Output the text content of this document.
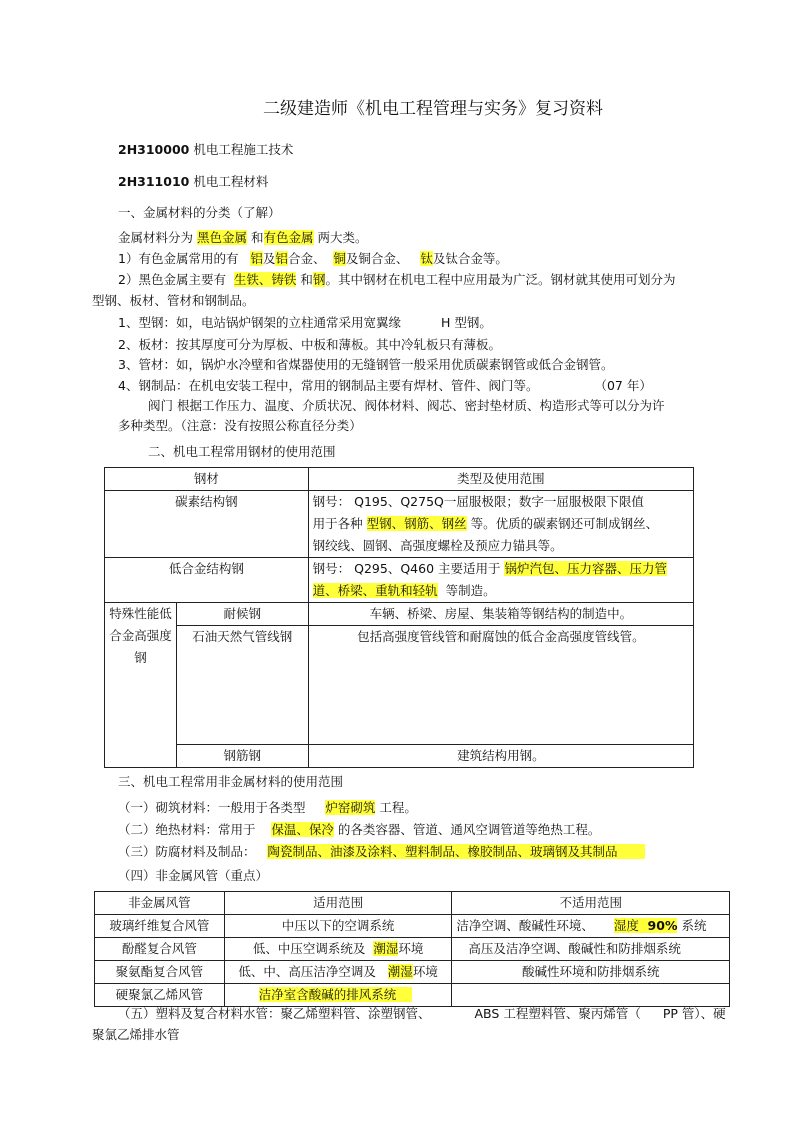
二级建造师《机电工程管理与实务》复习资料
2H310000 机电工程施工技术
2H311010 机电工程材料
一、金属材料的分类（了解）
金属材料分为 黑色金属 和有色金属 两大类。
1）有色金属常用的有 铝及铝合金、 铜及铜合金、 钛及钛合金等。
2）黑色金属主要有 生铁、铸铁 和钢。其中钢材在机电工程中应用最为广泛。钢材就其使用可划分为
型钢、板材、管材和钢制品。
1、型钢：如，电站锅炉钢架的立柱通常采用宽翼缘	H 型钢。
2、板材：按其厚度可分为厚板、中板和薄板。其中冷轧板只有薄板。
3、管材：如，锅炉水冷壁和省煤器使用的无缝钢管一般采用优质碳素钢管或低合金钢管。
4、钢制品：在机电安装工程中，常用的钢制品主要有焊材、管件、阀门等。	（07 年）
阀门 根据工作压力、温度、介质状况、阀体材料、阀芯、密封垫材质、构造形式等可以分为许
多种类型。（注意：没有按照公称直径分类）
二、机电工程常用钢材的使用范围
钢材		类型及使用范围
碳素结构钢		钢号： Q195、Q275Q一屈服极限；数字一屈服极限下限值
用于各种 型钢、钢筋、钢丝 等。优质的碳素钢还可制成钢丝、
钢绞线、圆钢、高强度螺栓及预应力锚具等。

低合金结构钢		钢号： Q295、Q460 主要适用于 锅炉汽包、压力容器、压力管
道、桥梁、重轨和轻轨 等制造。

特殊性能低合金高强度钢	耐候钢	车辆、桥梁、房屋、集装箱等钢结构的制造中。
	石油天然气管线钢	包括高强度管线管和耐腐蚀的低合金高强度管线管。
	钢筋钢	建筑结构用钢。
三、机电工程常用非金属材料的使用范围
（一）砌筑材料：一般用于各类型 炉窑砌筑 工程。
（二）绝热材料：常用于 保温、保冷 的各类容器、管道、通风空调管道等绝热工程。
（三）防腐材料及制品： 陶瓷制品、油漆及涂料、塑料制品、橡胶制品、玻璃钢及其制品
（四）非金属风管（重点）
非金属风管	适用范围	不适用范围
玻璃纤维复合风管	中压以下的空调系统	洁净空调、酸碱性环境、 湿度 90% 系统
酚醛复合风管	低、中压空调系统及 潮湿环境	高压及洁净空调、酸碱性和防排烟系统
聚氨酯复合风管	低、中、高压洁净空调及 潮湿环境	酸碱性环境和防排烟系统
硬聚氯乙烯风管	洁净室含酸碱的排风系统	
（五）塑料及复合材料水管：聚乙烯塑料管、涂塑钢管、	ABS 工程塑料管、聚丙烯管（ PP 管）、硬
聚氯乙烯排水管
